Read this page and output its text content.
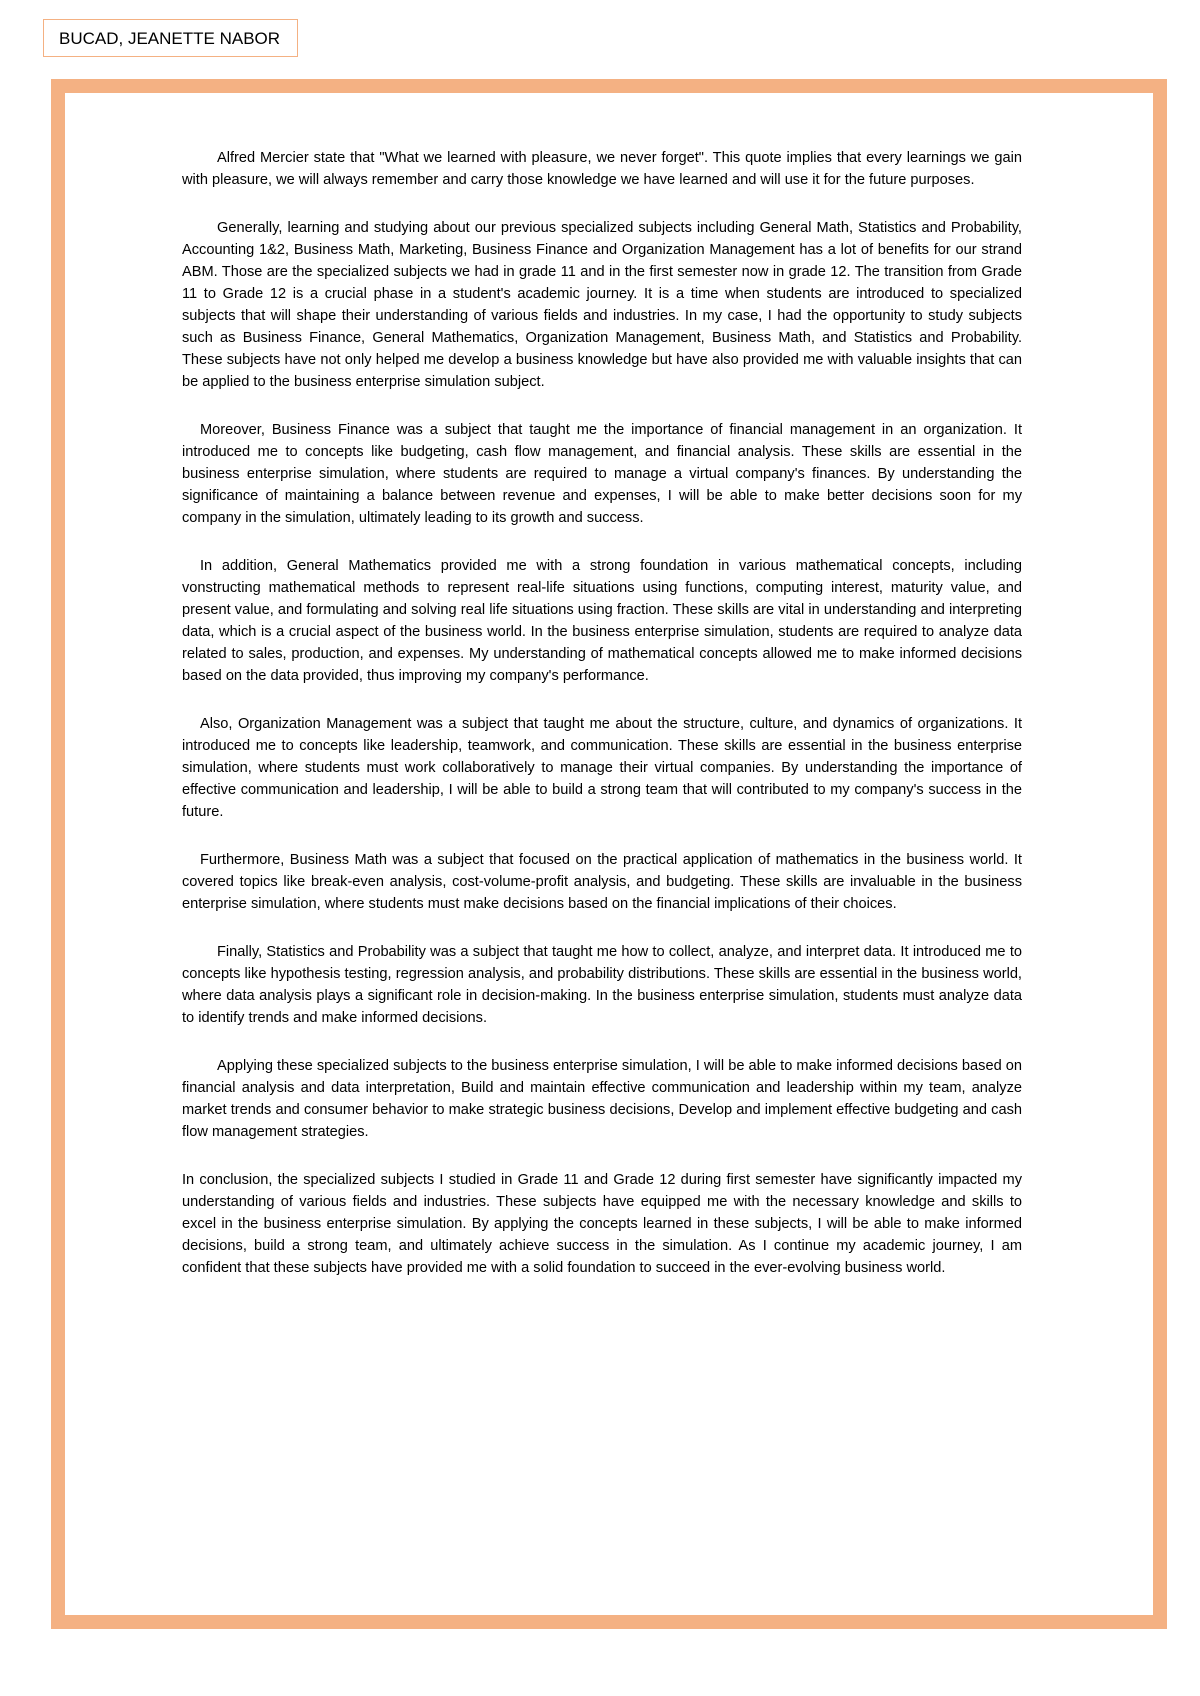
BUCAD, JEANETTE NABOR

Alfred Mercier state that "What we learned with pleasure, we never forget". This quote implies that every learnings we gain with pleasure, we will always remember and carry those knowledge we have learned and will use it for the future purposes.

Generally, learning and studying about our previous specialized subjects including General Math, Statistics and Probability, Accounting 1&2, Business Math, Marketing, Business Finance and Organization Management has a lot of benefits for our strand ABM. Those are the specialized subjects we had in grade 11 and in the first semester now in grade 12. The transition from Grade 11 to Grade 12 is a crucial phase in a student's academic journey. It is a time when students are introduced to specialized subjects that will shape their understanding of various fields and industries. In my case, I had the opportunity to study subjects such as Business Finance, General Mathematics, Organization Management, Business Math, and Statistics and Probability. These subjects have not only helped me develop a business knowledge but have also provided me with valuable insights that can be applied to the business enterprise simulation subject.

Moreover, Business Finance was a subject that taught me the importance of financial management in an organization. It introduced me to concepts like budgeting, cash flow management, and financial analysis. These skills are essential in the business enterprise simulation, where students are required to manage a virtual company's finances. By understanding the significance of maintaining a balance between revenue and expenses, I will be able to make better decisions soon for my company in the simulation, ultimately leading to its growth and success.

In addition, General Mathematics provided me with a strong foundation in various mathematical concepts, including vonstructing mathematical methods to represent real-life situations using functions, computing interest, maturity value, and present value, and formulating and solving real life situations using fraction. These skills are vital in understanding and interpreting data, which is a crucial aspect of the business world. In the business enterprise simulation, students are required to analyze data related to sales, production, and expenses. My understanding of mathematical concepts allowed me to make informed decisions based on the data provided, thus improving my company's performance.

Also, Organization Management was a subject that taught me about the structure, culture, and dynamics of organizations. It introduced me to concepts like leadership, teamwork, and communication. These skills are essential in the business enterprise simulation, where students must work collaboratively to manage their virtual companies. By understanding the importance of effective communication and leadership, I will be able to build a strong team that will contributed to my company's success in the future.

Furthermore, Business Math was a subject that focused on the practical application of mathematics in the business world. It covered topics like break-even analysis, cost-volume-profit analysis, and budgeting. These skills are invaluable in the business enterprise simulation, where students must make decisions based on the financial implications of their choices.

Finally, Statistics and Probability was a subject that taught me how to collect, analyze, and interpret data. It introduced me to concepts like hypothesis testing, regression analysis, and probability distributions. These skills are essential in the business world, where data analysis plays a significant role in decision-making. In the business enterprise simulation, students must analyze data to identify trends and make informed decisions.

Applying these specialized subjects to the business enterprise simulation, I will be able to make informed decisions based on financial analysis and data interpretation, Build and maintain effective communication and leadership within my team, analyze market trends and consumer behavior to make strategic business decisions, Develop and implement effective budgeting and cash flow management strategies.

In conclusion, the specialized subjects I studied in Grade 11 and Grade 12 during first semester have significantly impacted my understanding of various fields and industries. These subjects have equipped me with the necessary knowledge and skills to excel in the business enterprise simulation. By applying the concepts learned in these subjects, I will be able to make informed decisions, build a strong team, and ultimately achieve success in the simulation. As I continue my academic journey, I am confident that these subjects have provided me with a solid foundation to succeed in the ever-evolving business world.
